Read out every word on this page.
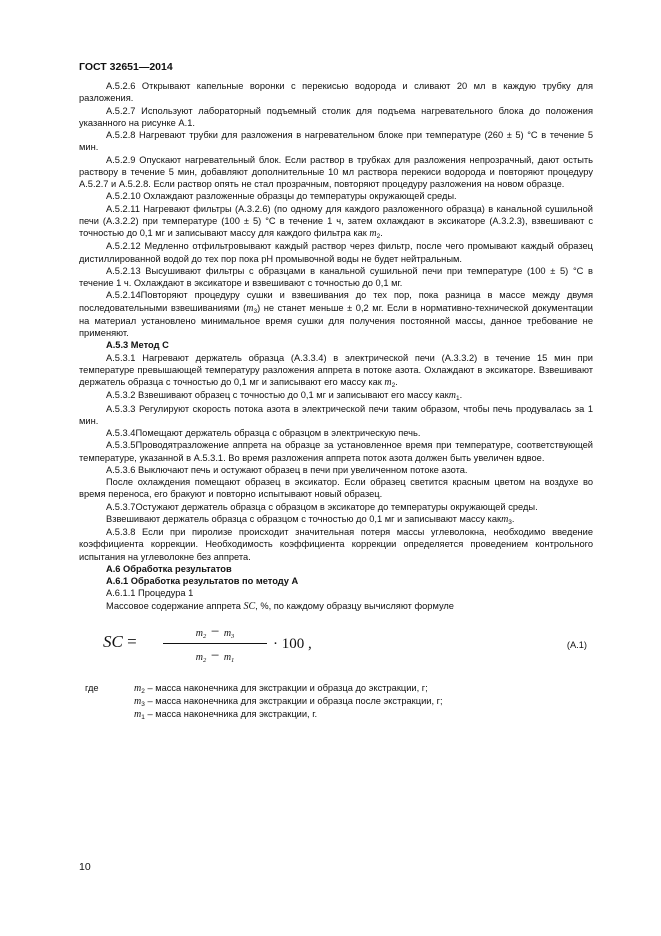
ГОСТ 32651—2014

А.5.2.6 Открывают капельные воронки с перекисью водорода и сливают 20 мл в каждую трубку для разложения.

А.5.2.7 Используют лабораторный подъемный столик для подъема нагревательного блока до положения указанного на рисунке А.1.

А.5.2.8 Нагревают трубки для разложения в нагревательном блоке при температуре (260 ± 5) °С в течение 5 мин.

А.5.2.9 Опускают нагревательный блок. Если раствор в трубках для разложения непрозрачный, дают остыть раствору в течение 5 мин, добавляют дополнительные 10 мл раствора перекиси водорода и повторяют процедуру А.5.2.7 и А.5.2.8. Если раствор опять не стал прозрачным, повторяют процедуру разложения на новом образце.

А.5.2.10 Охлаждают разложенные образцы до температуры окружающей среды.

А.5.2.11 Нагревают фильтры (А.3.2.6) (по одному для каждого разложенного образца) в канальной сушильной печи (А.3.2.2) при температуре (100 ± 5) °С в течение 1 ч, затем охлаждают в эксикаторе (А.3.2.3), взвешивают с точностью до 0,1 мг и записывают массу для каждого фильтра как $m_2$.

А.5.2.12 Медленно отфильтровывают каждый раствор через фильтр, после чего промывают каждый образец дистиллированной водой до тех пор пока pH промывочной воды не будет нейтральным.

А.5.2.13 Высушивают фильтры с образцами в канальной сушильной печи при температуре (100 ± 5) °С в течение 1 ч. Охлаждают в эксикаторе и взвешивают с точностью до 0,1 мг.

А.5.2.14Повторяют процедуру сушки и взвешивания до тех пор, пока разница в массе между двумя последовательными взвешиваниями $(m_3)$ не станет меньше ± 0,2 мг. Если в нормативно-технической документации на материал установлено минимальное время сушки для получения постоянной массы, данное требование не применяют.

А.5.3 Метод С

А.5.3.1 Нагревают держатель образца (А.3.3.4) в электрической печи (А.3.3.2) в течение 15 мин при температуре превышающей температуру разложения аппрета в потоке азота. Охлаждают в эксикаторе. Взвешивают держатель образца с точностью до 0,1 мг и записывают его массу как $m_2$.

А.5.3.2 Взвешивают образец с точностью до 0,1 мг и записывают его массу какm$_1$.

А.5.3.3 Регулируют скорость потока азота в электрической печи таким образом, чтобы печь продувалась за 1 мин.

А.5.3.4Помещают держатель образца с образцом в электрическую печь.

А.5.3.5Проводятразложение аппрета на образце за установленное время при температуре, соответствующей температуре, указанной в А.5.3.1. Во время разложения аппрета поток азота должен быть увеличен вдвое.

А.5.3.6 Выключают печь и остужают образец в печи при увеличенном потоке азота.

После охлаждения помещают образец в эксикатор. Если образец светится красным цветом на воздухе во время переноса, его бракуют и повторно испытывают новый образец.

А.5.3.7Остужают держатель образца с образцом в эксикаторе до температуры окружающей среды.

Взвешивают держатель образца с образцом с точностью до 0,1 мг и записывают массу какm$_3$.

А.5.3.8 Если при пиролизе происходит значительная потеря массы углеволокна, необходимо введение коэффициента коррекции. Необходимость коэффициента коррекции определяется проведением контрольного испытания на углеволокне без аппрета.

А.6 Обработка результатов

А.6.1 Обработка результатов по методу А

А.6.1.1 Процедура 1

Массовое содержание аппрета SC, %, по каждому образцу вычисляют формуле

SC =	$m_2 - m_3$
$m_2 - m_1$
· 100 ,	(А.1)
где	$m_2$ – масса наконечника для экстракции и образца до экстракции, г;
$m_3$ – масса наконечника для экстракции и образца после экстракции, г;
$m_1$ – масса наконечника для экстракции, г.
10
